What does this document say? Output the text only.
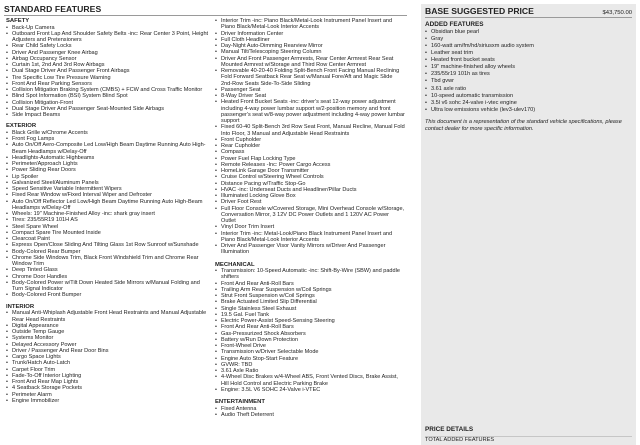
STANDARD FEATURES
SAFETY
• Back-Up Camera
• Outboard Front Lap And Shoulder Safety Belts -inc: Rear Center 3 Point, Height Adjusters and Pretensioners
• Rear Child Safety Locks
• Driver And Passenger Knee Airbag
• Airbag Occupancy Sensor
• Curtain 1st, 2nd And 3rd Row Airbags
• Dual Stage Driver And Passenger Front Airbags
• Tire Specific Low Tire Pressure Warning
• Front And Rear Parking Sensors
• Collision Mitigation Braking System (CMBS) + FCW and Cross Traffic Monitor
• Blind Spot Information (BSI) System Blind Spot
• Collision Mitigation-Front
• Dual Stage Driver And Passenger Seat-Mounted Side Airbags
• Side Impact Beams
EXTERIOR
• Black Grille w/Chrome Accents
• Front Fog Lamps
• Auto On/Off Aero-Composite Led Low/High Beam Daytime Running Auto High-Beam Headlamps w/Delay-Off
• Headlights-Automatic Highbeams
• Perimeter/Approach Lights
• Power Sliding Rear Doors
• Lip Spoiler
• Galvanized Steel/Aluminum Panels
• Speed Sensitive Variable Intermittent Wipers
• Fixed Rear Window w/Fixed Interval Wiper and Defroster
• Auto On/Off Reflector Led Low/High Beam Daytime Running Auto High-Beam Headlamps w/Delay-Off
• Wheels: 19" Machine-Finished Alloy -inc: shark gray insert
• Tires: 235/55R19 101H AS
• Steel Spare Wheel
• Compact Spare Tire Mounted Inside
• Clearcoat Paint
• Express Open/Close Sliding And Tilting Glass 1st Row Sunroof w/Sunshade
• Body-Colored Rear Bumper
• Chrome Side Windows Trim, Black Front Windshield Trim and Chrome Rear Window Trim
• Deep Tinted Glass
• Chrome Door Handles
• Body-Colored Power w/Tilt Down Heated Side Mirrors w/Manual Folding and Turn Signal Indicator
• Body-Colored Front Bumper
INTERIOR
• Manual Anti-Whiplash Adjustable Front Head Restraints and Manual Adjustable Rear Head Restraints
• Digital Appearance
• Outside Temp Gauge
• Systems Monitor
• Delayed Accessory Power
• Driver / Passenger And Rear Door Bins
• Cargo Space Lights
• Trunk/Hatch Auto-Latch
• Carpet Floor Trim
• Fade-To-Off Interior Lighting
• Front And Rear Map Lights
• 4 Seatback Storage Pockets
• Perimeter Alarm
• Engine Immobilizer
• Interior Trim -inc: Piano Black/Metal-Look Instrument Panel Insert and Piano Black/Metal-Look Interior Accents
• Driver Information Center
• Full Cloth Headliner
• Day-Night Auto-Dimming Rearview Mirror
• Manual Tilt/Telescoping Steering Column
• Driver And Front Passenger Armrests, Rear Center Armrest Rear Seat Mounted Armrest w/Storage and Third Row Center Armrest
• Removable 40-20-40 Folding Split-Bench Front Facing Manual Reclining Fold Forward Seatback Rear Seat w/Manual Fore/Aft and Magic Slide 2nd-Row Seats Side-To-Side Sliding
• Passenger Seat
• 8-Way Driver Seat
• Heated Front Bucket Seats -inc: driver's seat 12-way power adjustment including 4-way power lumbar support w/2-position memory and front passenger's seat w/8-way power adjustment including 4-way power lumbar support
• Fixed 60-40 Split-Bench 3rd Row Seat Front, Manual Recline, Manual Fold Into Floor, 3 Manual and Adjustable Head Restraints
• Front Cupholder
• Rear Cupholder
• Compass
• Power Fuel Flap Locking Type
• Remote Releases -Inc: Power Cargo Access
• HomeLink Garage Door Transmitter
• Cruise Control w/Steering Wheel Controls
• Distance Pacing w/Traffic Stop-Go
• HVAC -inc: Underseat Ducts and Headliner/Pillar Ducts
• Illuminated Locking Glove Box
• Driver Foot Rest
• Full Floor Console w/Covered Storage, Mini Overhead Console w/Storage, Conversation Mirror, 3 12V DC Power Outlets and 1 120V AC Power Outlet
• Vinyl Door Trim Insert
• Interior Trim -inc: Metal-Look/Piano Black Instrument Panel Insert and Piano Black/Metal-Look Interior Accents
• Driver And Passenger Visor Vanity Mirrors w/Driver And Passenger Illumination
MECHANICAL
• Transmission: 10-Speed Automatic -inc: Shift-By-Wire (SBW) and paddle shifters
• Front And Rear Anti-Roll Bars
• Trailing Arm Rear Suspension w/Coil Springs
• Strut Front Suspension w/Coil Springs
• Brake Actuated Limited Slip Differential
• Single Stainless Steel Exhaust
• 19.5 Gal. Fuel Tank
• Electric Power-Assist Speed-Sensing Steering
• Front And Rear Anti-Roll Bars
• Gas-Pressurized Shock Absorbers
• Battery w/Run Down Protection
• Front-Wheel Drive
• Transmission w/Driver Selectable Mode
• Engine Auto Stop-Start Feature
• GVWR: TBD
• 3.61 Axle Ratio
• 4-Wheel Disc Brakes w/4-Wheel ABS, Front Vented Discs, Brake Assist, Hill Hold Control and Electric Parking Brake
• Engine: 3.5L V6 SOHC 24-Valve i-VTEC
ENTERTAINMENT
• Fixed Antenna
• Audio Theft Deterrent
BASE SUGGESTED PRICE	$43,750.00
ADDED FEATURES
• Obsidian blue pearl
• Gray
• 160-watt am/fm/hd/siriusxm audio system
• Leather seat trim
• Heated front bucket seats
• 19" machine-finished alloy wheels
• 235/55r19 101h as tires
• Tbd gvwr
• 3.61 axle ratio
• 10-speed automatic transmission
• 3.5l v6 sohc 24-valve i-vtec engine
• Ultra low emissions vehicle (lev3-ulev170)
This document is a representation of the standard vehicle specifications, please contact dealer for more specific information.
PRICE DETAILS
TOTAL ADDED FEATURES
